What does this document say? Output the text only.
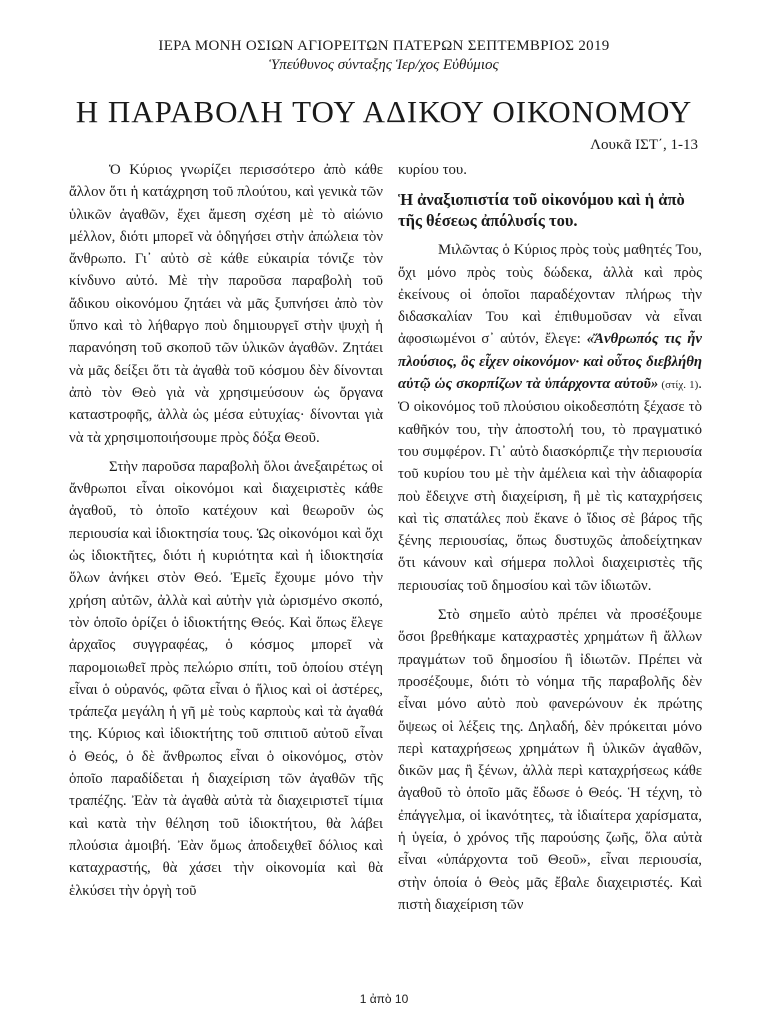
ΙΕΡΑ ΜΟΝΗ ΟΣΙΩΝ ΑΓΙΟΡΕΙΤΩΝ ΠΑΤΕΡΩΝ ΣΕΠΤΕΜΒΡΙΟΣ 2019
Ὑπεύθυνος σύνταξης Ἱερ/χος Εὐθύμιος
Η ΠΑΡΑΒΟΛΗ ΤΟΥ ΑΔΙΚΟΥ ΟΙΚΟΝΟΜΟΥ
Λουκᾶ ΙΣΤ΄, 1-13

Ὁ Κύριος γνωρίζει περισσότερο ἀπὸ κάθε ἄλλον ὅτι ἡ κατάχρηση τοῦ πλούτου, καὶ γενικὰ τῶν ὑλικῶν ἀγαθῶν, ἔχει ἄμεση σχέση μὲ τὸ αἰώνιο μέλλον, διότι μπορεῖ νὰ ὁδηγήσει στὴν ἀπώλεια τὸν ἄνθρωπο. Γι᾽ αὐτὸ σὲ κάθε εὐκαιρία τόνιζε τὸν κίνδυνο αὐτό. Μὲ τὴν παροῦσα παραβολὴ τοῦ ἄδικου οἰκονόμου ζητάει νὰ μᾶς ξυπνήσει ἀπὸ τὸν ὕπνο καὶ τὸ λήθαργο ποὺ δημιουργεῖ στὴν ψυχὴ ἡ παρανόηση τοῦ σκοποῦ τῶν ὑλικῶν ἀγαθῶν. Ζητάει νὰ μᾶς δείξει ὅτι τὰ ἀγαθὰ τοῦ κόσμου δὲν δίνονται ἀπὸ τὸν Θεὸ γιὰ νὰ χρησιμεύσουν ὡς ὄργανα καταστροφῆς, ἀλλὰ ὡς μέσα εὐτυχίας· δίνονται γιὰ νὰ τὰ χρησιμοποιήσουμε πρὸς δόξα Θεοῦ.

Στὴν παροῦσα παραβολὴ ὅλοι ἀνεξαιρέτως οἱ ἄνθρωποι εἶναι οἰκονόμοι καὶ διαχειριστὲς κάθε ἀγαθοῦ, τὸ ὁποῖο κατέχουν καὶ θεωροῦν ὡς περιουσία καὶ ἰδιοκτησία τους. Ὡς οἰκονόμοι καὶ ὄχι ὡς ἰδιοκτῆτες, διότι ἡ κυριότητα καὶ ἡ ἰδιοκτησία ὅλων ἀνήκει στὸν Θεό. Ἐμεῖς ἔχουμε μόνο τὴν χρήση αὐτῶν, ἀλλὰ καὶ αὐτὴν γιὰ ὡρισμένο σκοπό, τὸν ὁποῖο ὁρίζει ὁ ἰδιοκτήτης Θεός. Καὶ ὅπως ἔλεγε ἀρχαῖος συγγραφέας, ὁ κόσμος μπορεῖ νὰ παρομοιωθεῖ πρὸς πελώριο σπίτι, τοῦ ὁποίου στέγη εἶναι ὁ οὐρανός, φῶτα εἶναι ὁ ἥλιος καὶ οἱ ἀστέρες, τράπεζα μεγάλη ἡ γῆ μὲ τοὺς καρποὺς καὶ τὰ ἀγαθά της. Κύριος καὶ ἰδιοκτήτης τοῦ σπιτιοῦ αὐτοῦ εἶναι ὁ Θεός, ὁ δὲ ἄνθρωπος εἶναι ὁ οἰκονόμος, στὸν ὁποῖο παραδίδεται ἡ διαχείριση τῶν ἀγαθῶν τῆς τραπέζης. Ἐὰν τὰ ἀγαθὰ αὐτὰ τὰ διαχειριστεῖ τίμια καὶ κατὰ τὴν θέληση τοῦ ἰδιοκτήτου, θὰ λάβει πλούσια ἀμοιβή. Ἐὰν ὅμως ἀποδειχθεῖ δόλιος καὶ καταχραστής, θὰ χάσει τὴν οἰκονομία καὶ θὰ ἑλκύσει τὴν ὀργὴ τοῦ

κυρίου του.

Ἡ ἀναξιοπιστία τοῦ οἰκονόμου καὶ ἡ ἀπὸ τῆς θέσεως ἀπόλυσίς του.

Μιλῶντας ὁ Κύριος πρὸς τοὺς μαθητές Του, ὄχι μόνο πρὸς τοὺς δώδεκα, ἀλλὰ καὶ πρὸς ἐκείνους οἱ ὁποῖοι παραδέχονταν πλήρως τὴν διδασκαλίαν Του καὶ ἐπιθυμοῦσαν νὰ εἶναι ἀφοσιωμένοι σ᾽ αὐτόν, ἔλεγε: «Ἄνθρωπός τις ἦν πλούσιος, ὃς εἶχεν οἰκονόμον· καὶ οὗτος διεβλήθη αὐτῷ ὡς σκορπίζων τὰ ὑπάρχοντα αὐτοῦ» (στίχ. 1). Ὁ οἰκονόμος τοῦ πλούσιου οἰκοδεσπότη ξέχασε τὸ καθῆκόν του, τὴν ἀποστολή του, τὸ πραγματικό του συμφέρον. Γι᾽ αὐτὸ διασκόρπιζε τὴν περιουσία τοῦ κυρίου του μὲ τὴν ἀμέλεια καὶ τὴν ἀδιαφορία ποὺ ἔδειχνε στὴ διαχείριση, ἢ μὲ τὶς καταχρήσεις καὶ τὶς σπατάλες ποὺ ἔκανε ὁ ἴδιος σὲ βάρος τῆς ξένης περιουσίας, ὅπως δυστυχῶς ἀποδείχτηκαν ὅτι κάνουν καὶ σήμερα πολλοὶ διαχειριστὲς τῆς περιουσίας τοῦ δημοσίου καὶ τῶν ἰδιωτῶν.

Στὸ σημεῖο αὐτὸ πρέπει νὰ προσέξουμε ὅσοι βρεθήκαμε καταχραστὲς χρημάτων ἢ ἄλλων πραγμάτων τοῦ δημοσίου ἢ ἰδιωτῶν. Πρέπει νὰ προσέξουμε, διότι τὸ νόημα τῆς παραβολῆς δὲν εἶναι μόνο αὐτὸ ποὺ φανερώνουν ἐκ πρώτης ὄψεως οἱ λέξεις της. Δηλαδή, δὲν πρόκειται μόνο περὶ καταχρήσεως χρημάτων ἢ ὑλικῶν ἀγαθῶν, δικῶν μας ἢ ξένων, ἀλλὰ περὶ καταχρήσεως κάθε ἀγαθοῦ τὸ ὁποῖο μᾶς ἔδωσε ὁ Θεός. Ἡ τέχνη, τὸ ἐπάγγελμα, οἱ ἱκανότητες, τὰ ἰδιαίτερα χαρίσματα, ἡ ὑγεία, ὁ χρόνος τῆς παρούσης ζωῆς, ὅλα αὐτὰ εἶναι «ὑπάρχοντα τοῦ Θεοῦ», εἶναι περιουσία, στὴν ὁποία ὁ Θεὸς μᾶς ἔβαλε διαχειριστές. Καὶ πιστὴ διαχείριση τῶν

1 ἀπὸ 10
